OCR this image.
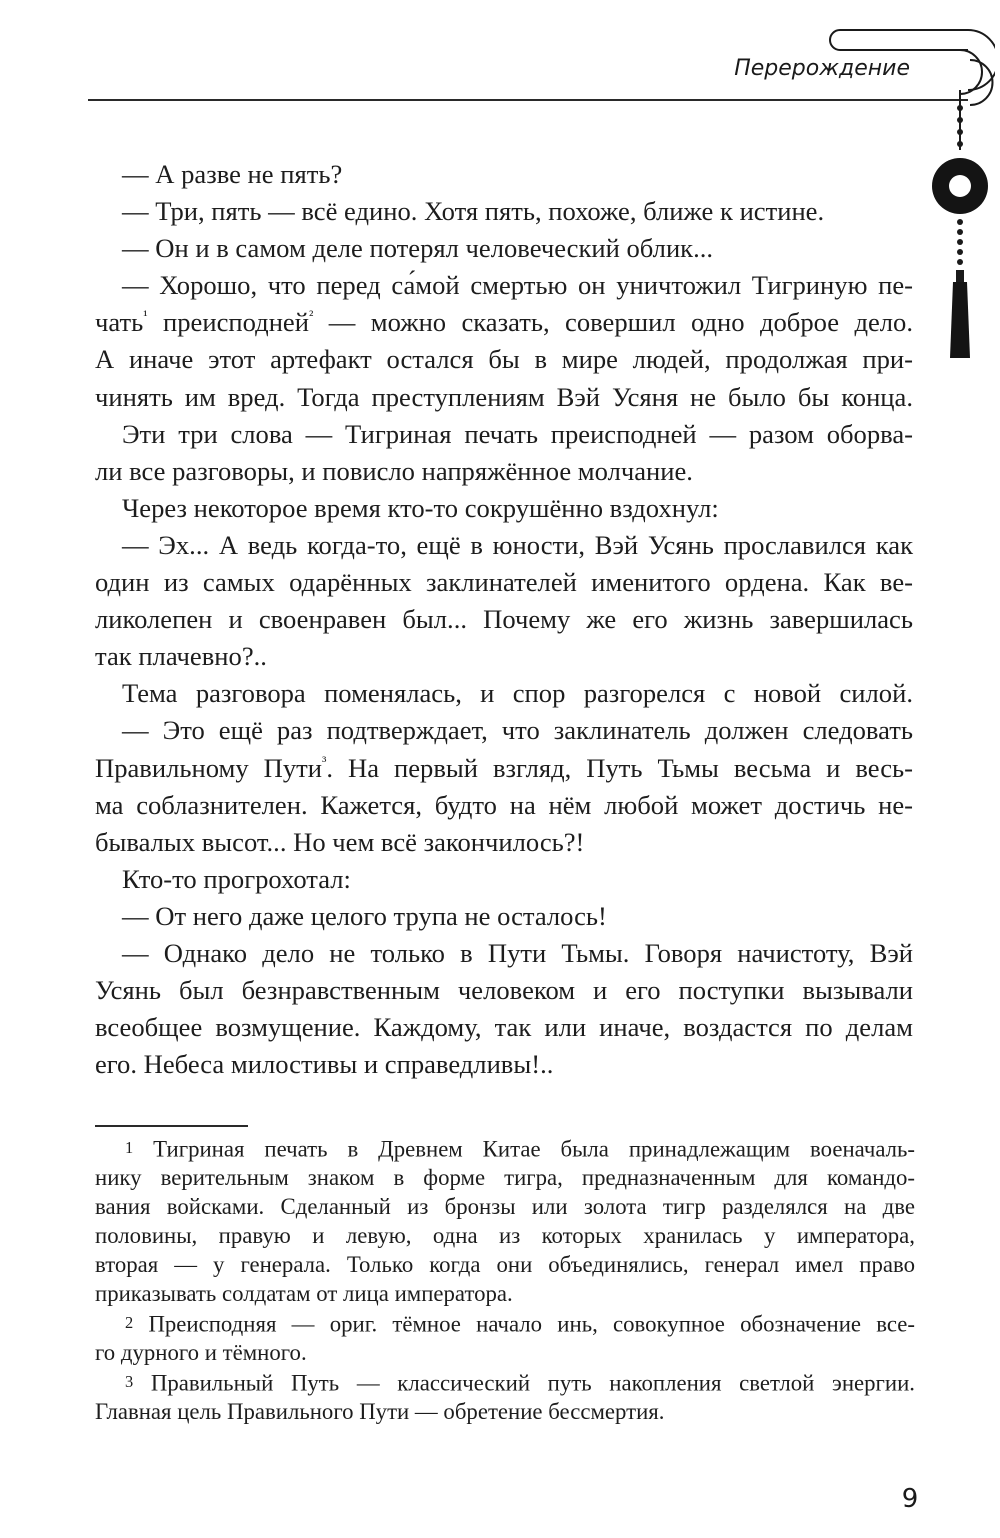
Перерождение

— А разве не пять?

— Три, пять — всё едино. Хотя пять, похоже, ближе к истине.

— Он и в самом деле потерял человеческий облик...

— Хорошо, что перед са́мой смертью он уничтожил Тигриную пе-
чать$^{^1}$ преисподней$^{^2}$ — можно сказать, совершил одно доброе дело.
А иначе этот артефакт остался бы в мире людей, продолжая при-
чинять им вред. Тогда преступлениям Вэй Усяня не было бы конца.

Эти три слова — Тигриная печать преисподней — разом оборва-
ли все разговоры, и повисло напряжённое молчание.

Через некоторое время кто-то сокрушённо вздохнул:

— Эх... А ведь когда-то, ещё в юности, Вэй Усянь прославился как
один из самых одарённых заклинателей именитого ордена. Как ве-
ликолепен и своенравен был... Почему же его жизнь завершилась
так плачевно?..

Тема разговора поменялась, и спор разгорелся с новой силой.

— Это ещё раз подтверждает, что заклинатель должен следовать
Правильному Пути$^{^3}$. На первый взгляд, Путь Тьмы весьма и весь-
ма соблазнителен. Кажется, будто на нём любой может достичь не-
бывалых высот... Но чем всё закончилось?!

Кто-то прогрохотал:

— От него даже целого трупа не осталось!

— Однако дело не только в Пути Тьмы. Говоря начистоту, Вэй
Усянь был безнравственным человеком и его поступки вызывали
всеобщее возмущение. Каждому, так или иначе, воздастся по делам
его. Небеса милостивы и справедливы!..

1 Тигриная печать в Древнем Китае была принадлежащим военачаль-
нику верительным знаком в форме тигра, предназначенным для командо-
вания войсками. Сделанный из бронзы или золота тигр разделялся на две
половины, правую и левую, одна из которых хранилась у императора,
вторая — у генерала. Только когда они объединялись, генерал имел право
приказывать солдатам от лица императора.

2 Преисподняя — ориг. тёмное начало инь, совокупное обозначение все-
го дурного и тёмного.

3 Правильный Путь — классический путь накопления светлой энергии.
Главная цель Правильного Пути — обретение бессмертия.

9
